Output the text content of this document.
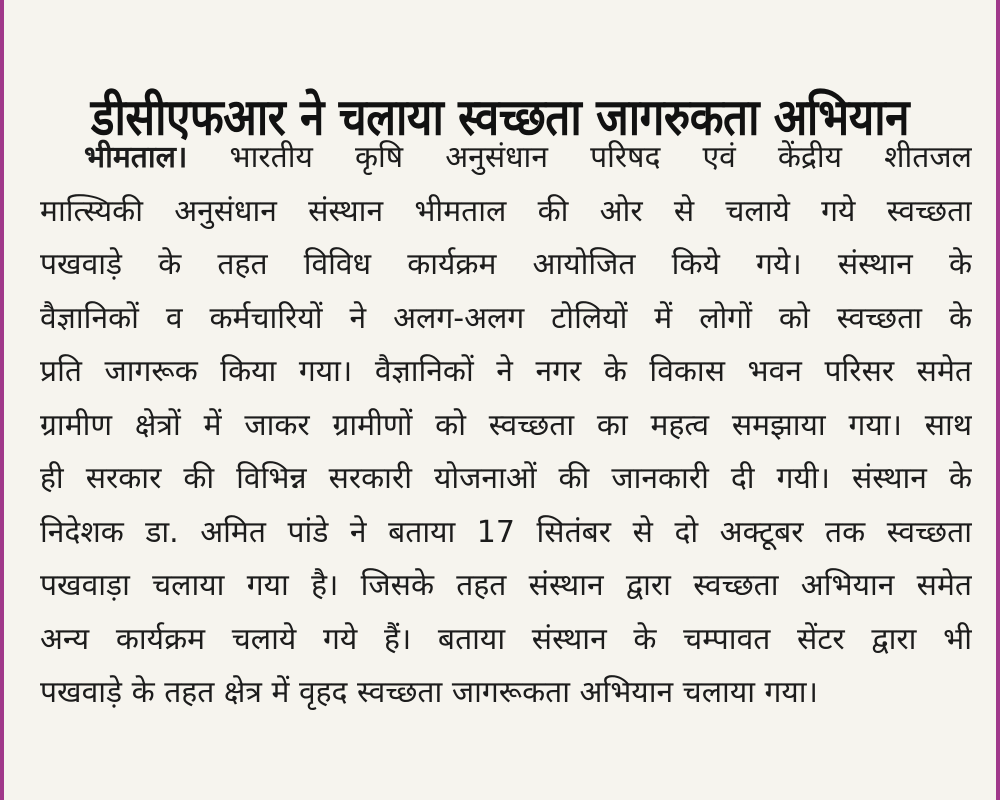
डीसीएफआर ने चलाया स्वच्छता जागरुकता अभियान
भीमताल। भारतीय कृषि अनुसंधान परिषद एवं केंद्रीय शीतजल
मात्स्यिकी अनुसंधान संस्थान भीमताल की ओर से चलाये गये स्वच्छता
पखवाड़े के तहत विविध कार्यक्रम आयोजित किये गये। संस्थान के
वैज्ञानिकों व कर्मचारियों ने अलग-अलग टोलियों में लोगों को स्वच्छता के
प्रति जागरूक किया गया। वैज्ञानिकों ने नगर के विकास भवन परिसर समेत
ग्रामीण क्षेत्रों में जाकर ग्रामीणों को स्वच्छता का महत्व समझाया गया। साथ
ही सरकार की विभिन्न सरकारी योजनाओं की जानकारी दी गयी। संस्थान के
निदेशक डा. अमित पांडे ने बताया 17 सितंबर से दो अक्टूबर तक स्वच्छता
पखवाड़ा चलाया गया है। जिसके तहत संस्थान द्वारा स्वच्छता अभियान समेत
अन्य कार्यक्रम चलाये गये हैं। बताया संस्थान के चम्पावत सेंटर द्वारा भी
पखवाड़े के तहत क्षेत्र में वृहद स्वच्छता जागरूकता अभियान चलाया गया।
